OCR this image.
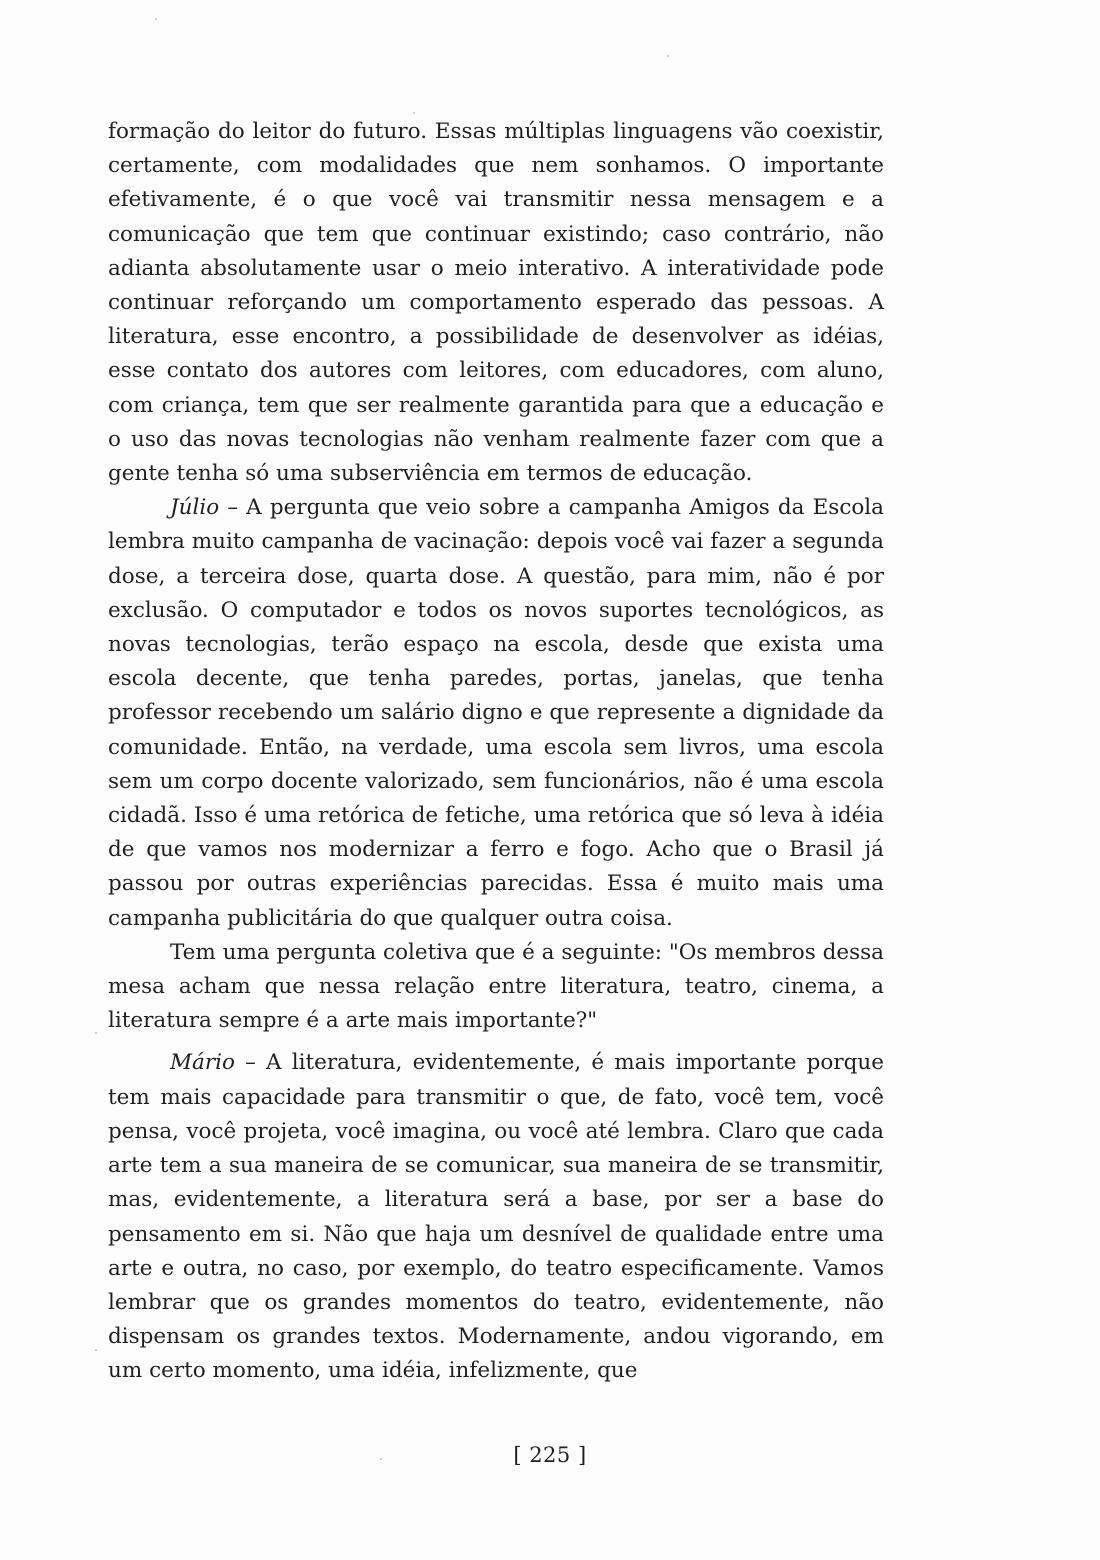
formação do leitor do futuro. Essas múltiplas linguagens vão coexistir, certamente, com modalidades que nem sonhamos. O importante efetivamente, é o que você vai transmitir nessa mensagem e a comunicação que tem que continuar existindo; caso contrário, não adianta absolutamente usar o meio interativo. A interatividade pode continuar reforçando um comportamento esperado das pessoas. A literatura, esse encontro, a possibilidade de desenvolver as idéias, esse contato dos autores com leitores, com educadores, com aluno, com criança, tem que ser realmente garantida para que a educação e o uso das novas tecnologias não venham realmente fazer com que a gente tenha só uma subserviência em termos de educação.

Júlio – A pergunta que veio sobre a campanha Amigos da Escola lembra muito campanha de vacinação: depois você vai fazer a segunda dose, a terceira dose, quarta dose. A questão, para mim, não é por exclusão. O computador e todos os novos suportes tecnológicos, as novas tecnologias, terão espaço na escola, desde que exista uma escola decente, que tenha paredes, portas, janelas, que tenha professor recebendo um salário digno e que represente a dignidade da comunidade. Então, na verdade, uma escola sem livros, uma escola sem um corpo docente valorizado, sem funcionários, não é uma escola cidadã. Isso é uma retórica de fetiche, uma retórica que só leva à idéia de que vamos nos modernizar a ferro e fogo. Acho que o Brasil já passou por outras experiências parecidas. Essa é muito mais uma campanha publicitária do que qualquer outra coisa.

Tem uma pergunta coletiva que é a seguinte: "Os membros dessa mesa acham que nessa relação entre literatura, teatro, cinema, a literatura sempre é a arte mais importante?"

Mário – A literatura, evidentemente, é mais importante porque tem mais capacidade para transmitir o que, de fato, você tem, você pensa, você projeta, você imagina, ou você até lembra. Claro que cada arte tem a sua maneira de se comunicar, sua maneira de se transmitir, mas, evidentemente, a literatura será a base, por ser a base do pensamento em si. Não que haja um desnível de qualidade entre uma arte e outra, no caso, por exemplo, do teatro especificamente. Vamos lembrar que os grandes momentos do teatro, evidentemente, não dispensam os grandes textos. Modernamente, andou vigorando, em um certo momento, uma idéia, infelizmente, que

[ 225 ]
